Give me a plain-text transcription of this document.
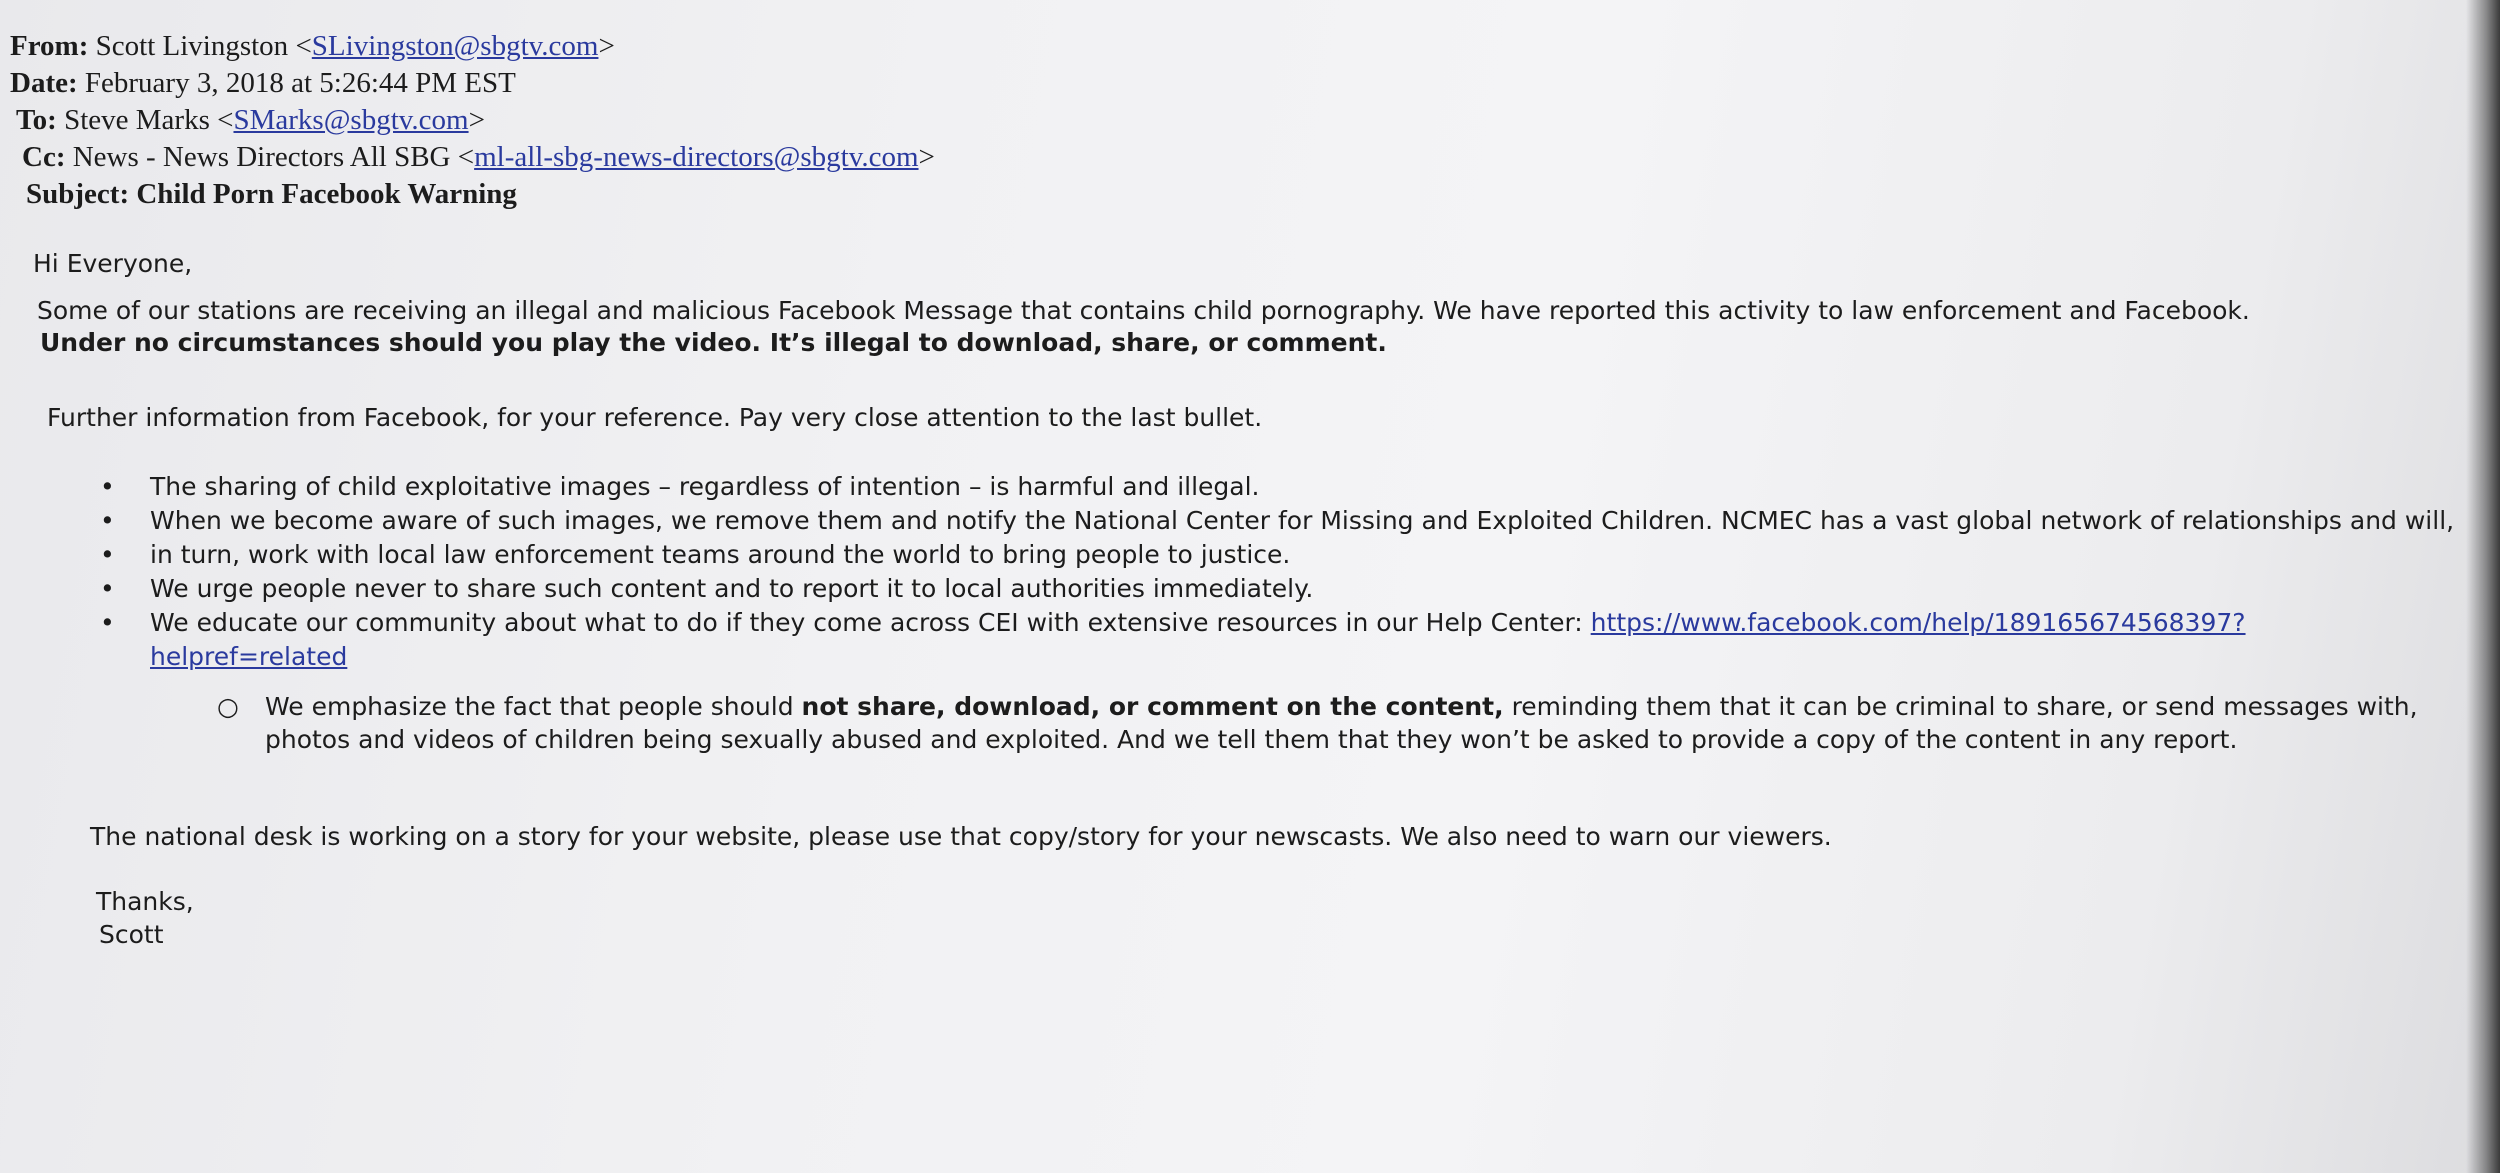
From: Scott Livingston <SLivingston@sbgtv.com>
Date: February 3, 2018 at 5:26:44 PM EST
To: Steve Marks <SMarks@sbgtv.com>
Cc: News - News Directors All SBG <ml-all-sbg-news-directors@sbgtv.com>
Subject: Child Porn Facebook Warning
Hi Everyone,
Some of our stations are receiving an illegal and malicious Facebook Message that contains child pornography. We have reported this activity to law enforcement and Facebook.
Under no circumstances should you play the video. It’s illegal to download, share, or comment.
Further information from Facebook, for your reference. Pay very close attention to the last bullet.
• The sharing of child exploitative images – regardless of intention – is harmful and illegal.
• When we become aware of such images, we remove them and notify the National Center for Missing and Exploited Children. NCMEC has a vast global network of relationships and will,
• in turn, work with local law enforcement teams around the world to bring people to justice.
• We urge people never to share such content and to report it to local authorities immediately.
• We educate our community about what to do if they come across CEI with extensive resources in our Help Center: https://www.facebook.com/help/189165674568397?
helpref=related
○	We emphasize the fact that people should not share, download, or comment on the content, reminding them that it can be criminal to share, or send messages with, photos and videos of children being sexually abused and exploited. And we tell them that they won’t be asked to provide a copy of the content in any report.
The national desk is working on a story for your website, please use that copy/story for your newscasts. We also need to warn our viewers.
Thanks,
Scott
